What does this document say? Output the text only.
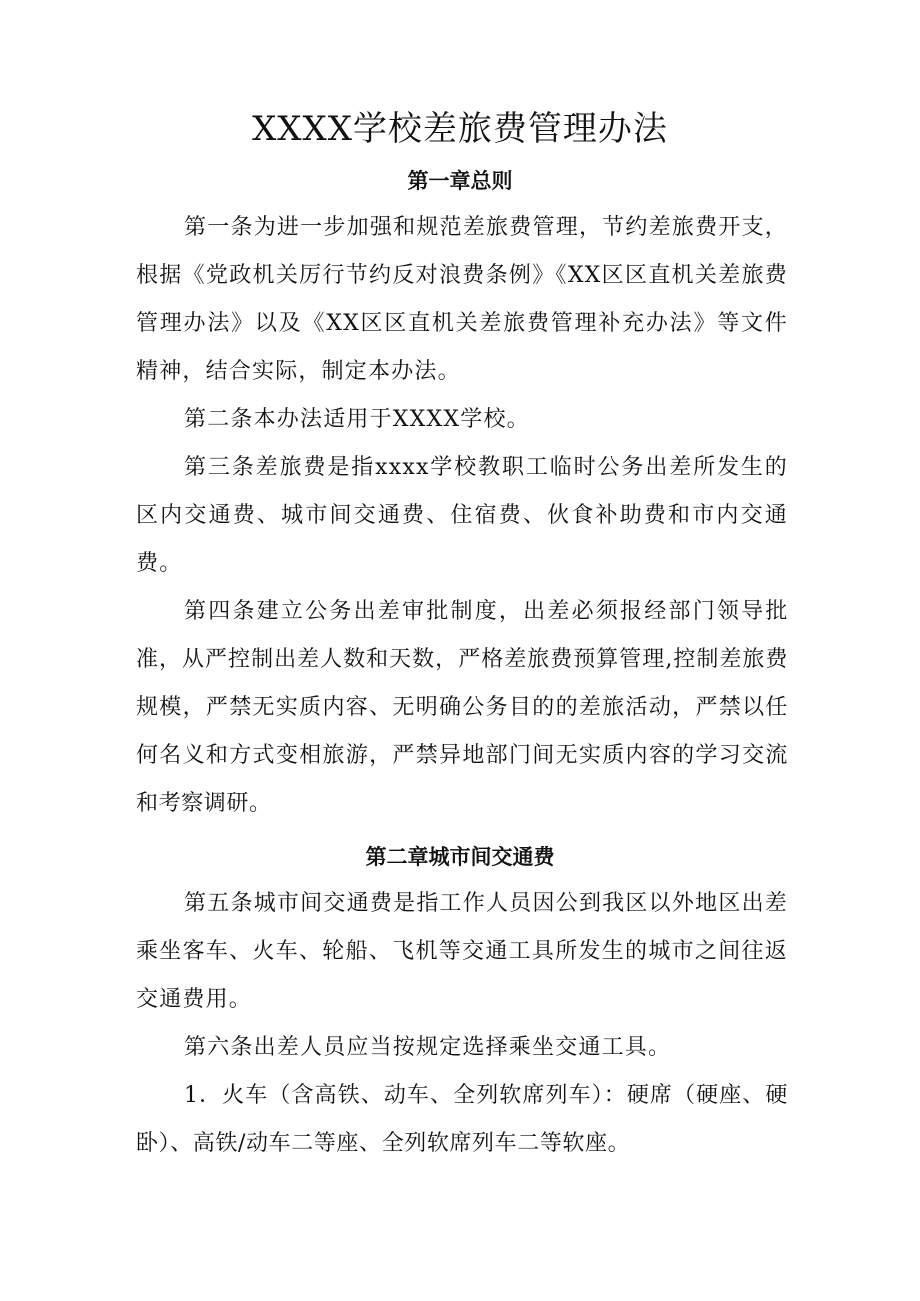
XXXX学校差旅费管理办法
第一章总则

第一条为进一步加强和规范差旅费管理，节约差旅费开支，根据《党政机关厉行节约反对浪费条例》《XX区区直机关差旅费管理办法》以及《XX区区直机关差旅费管理补充办法》等文件精神，结合实际，制定本办法。

第二条本办法适用于XXXX学校。

第三条差旅费是指xxxx学校教职工临时公务出差所发生的区内交通费、城市间交通费、住宿费、伙食补助费和市内交通费。

第四条建立公务出差审批制度，出差必须报经部门领导批准，从严控制出差人数和天数，严格差旅费预算管理,控制差旅费规模，严禁无实质内容、无明确公务目的的差旅活动，严禁以任何名义和方式变相旅游，严禁异地部门间无实质内容的学习交流和考察调研。

第二章城市间交通费

第五条城市间交通费是指工作人员因公到我区以外地区出差乘坐客车、火车、轮船、飞机等交通工具所发生的城市之间往返交通费用。

第六条出差人员应当按规定选择乘坐交通工具。

1．火车（含高铁、动车、全列软席列车）：硬席（硬座、硬卧）、高铁/动车二等座、全列软席列车二等软座。
